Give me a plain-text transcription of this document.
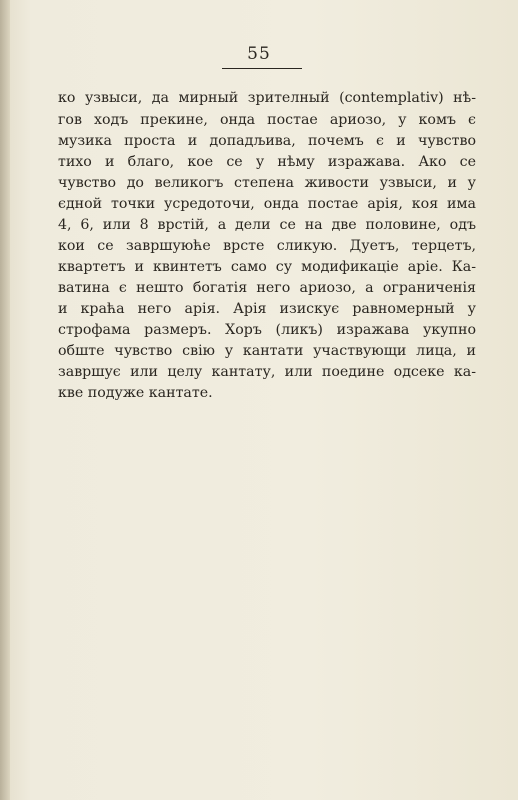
55
ко узвыси, да мирный зрителный (contemplativ) нѣ-
гов ходъ прекине, онда постае ариозо, у комъ є
музика проста и допадљива, почемъ є и чувство
тихо и благо, кое се у нѣму изражава. Ако се
чувство до великогъ степена живости узвыси, и у
єдной точки усредоточи, онда постае арія, коя има
4, 6, или 8 врстій, а дели се на две половине, одъ
кои се завршуюће врсте сликую. Дуетъ, терцетъ,
квартетъ и квинтетъ само су модификаціе аріе. Ка-
ватина є нешто богатія него ариозо, а ограниченія
и краћа него арія. Арія изискує равномерный у
строфама размеръ. Хоръ (ликъ) изражава укупно
обште чувство свію у кантати участвующи лица, и
завршує или целу кантату, или поедине одсеке ка-
кве подуже кантате.
